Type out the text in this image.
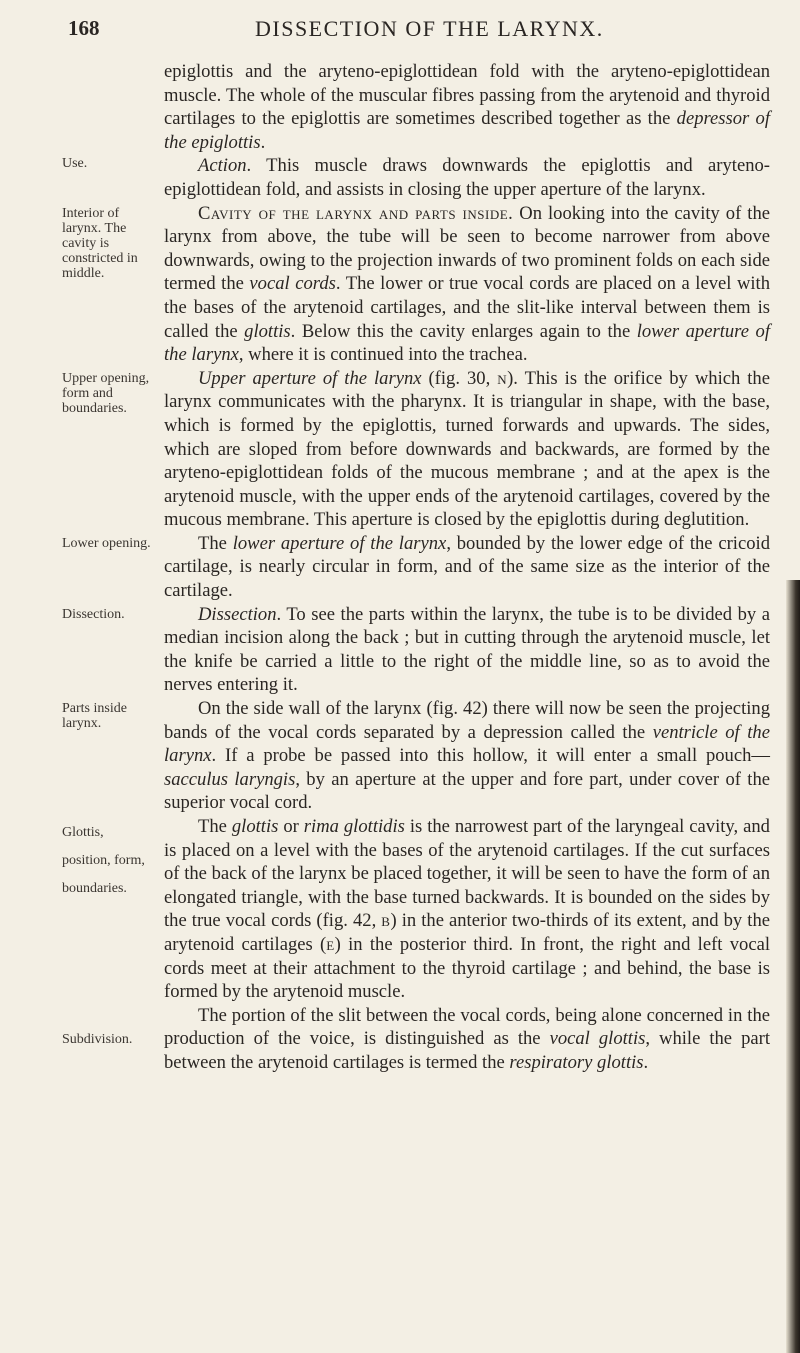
168	DISSECTION OF THE LARYNX.
epiglottis and the aryteno-epiglottidean fold with the aryteno-epiglottidean muscle. The whole of the muscular fibres passing from the arytenoid and thyroid cartilages to the epiglottis are sometimes described together as the depressor of the epiglottis.
Use.	Action. This muscle draws downwards the epiglottis and aryteno-epiglottidean fold, and assists in closing the upper aperture of the larynx.
Interior of larynx. The cavity is constricted in middle.
Cavity of the larynx and parts inside. On looking into the cavity of the larynx from above, the tube will be seen to become narrower from above downwards, owing to the projection inwards of two prominent folds on each side termed the vocal cords. The lower or true vocal cords are placed on a level with the bases of the arytenoid cartilages, and the slit-like interval between them is called the glottis. Below this the cavity enlarges again to the lower aperture of the larynx, where it is continued into the trachea.
Upper opening, form and boundaries.
Upper aperture of the larynx (fig. 30, n). This is the orifice by which the larynx communicates with the pharynx. It is triangular in shape, with the base, which is formed by the epiglottis, turned forwards and upwards. The sides, which are sloped from before downwards and backwards, are formed by the aryteno-epiglottidean folds of the mucous membrane ; and at the apex is the arytenoid muscle, with the upper ends of the arytenoid cartilages, covered by the mucous membrane. This aperture is closed by the epiglottis during deglutition.
Lower opening.	The lower aperture of the larynx, bounded by the lower edge of the cricoid cartilage, is nearly circular in form, and of the same size as the interior of the cartilage.
Dissection.	Dissection. To see the parts within the larynx, the tube is to be divided by a median incision along the back ; but in cutting through the arytenoid muscle, let the knife be carried a little to the right of the middle line, so as to avoid the nerves entering it.
Parts inside larynx.
On the side wall of the larynx (fig. 42) there will now be seen the projecting bands of the vocal cords separated by a depression called the ventricle of the larynx. If a probe be passed into this hollow, it will enter a small pouch—sacculus laryngis, by an aperture at the upper and fore part, under cover of the superior vocal cord.
Glottis, position, form, boundaries.
The glottis or rima glottidis is the narrowest part of the laryngeal cavity, and is placed on a level with the bases of the arytenoid cartilages. If the cut surfaces of the back of the larynx be placed together, it will be seen to have the form of an elongated triangle, with the base turned backwards. It is bounded on the sides by the true vocal cords (fig. 42, b) in the anterior two-thirds of its extent, and by the arytenoid cartilages (e) in the posterior third. In front, the right and left vocal cords meet at their attachment to the thyroid cartilage ; and behind, the base is formed by the arytenoid muscle.
Subdivision.
The portion of the slit between the vocal cords, being alone concerned in the production of the voice, is distinguished as the vocal glottis, while the part between the arytenoid cartilages is termed the respiratory glottis.
